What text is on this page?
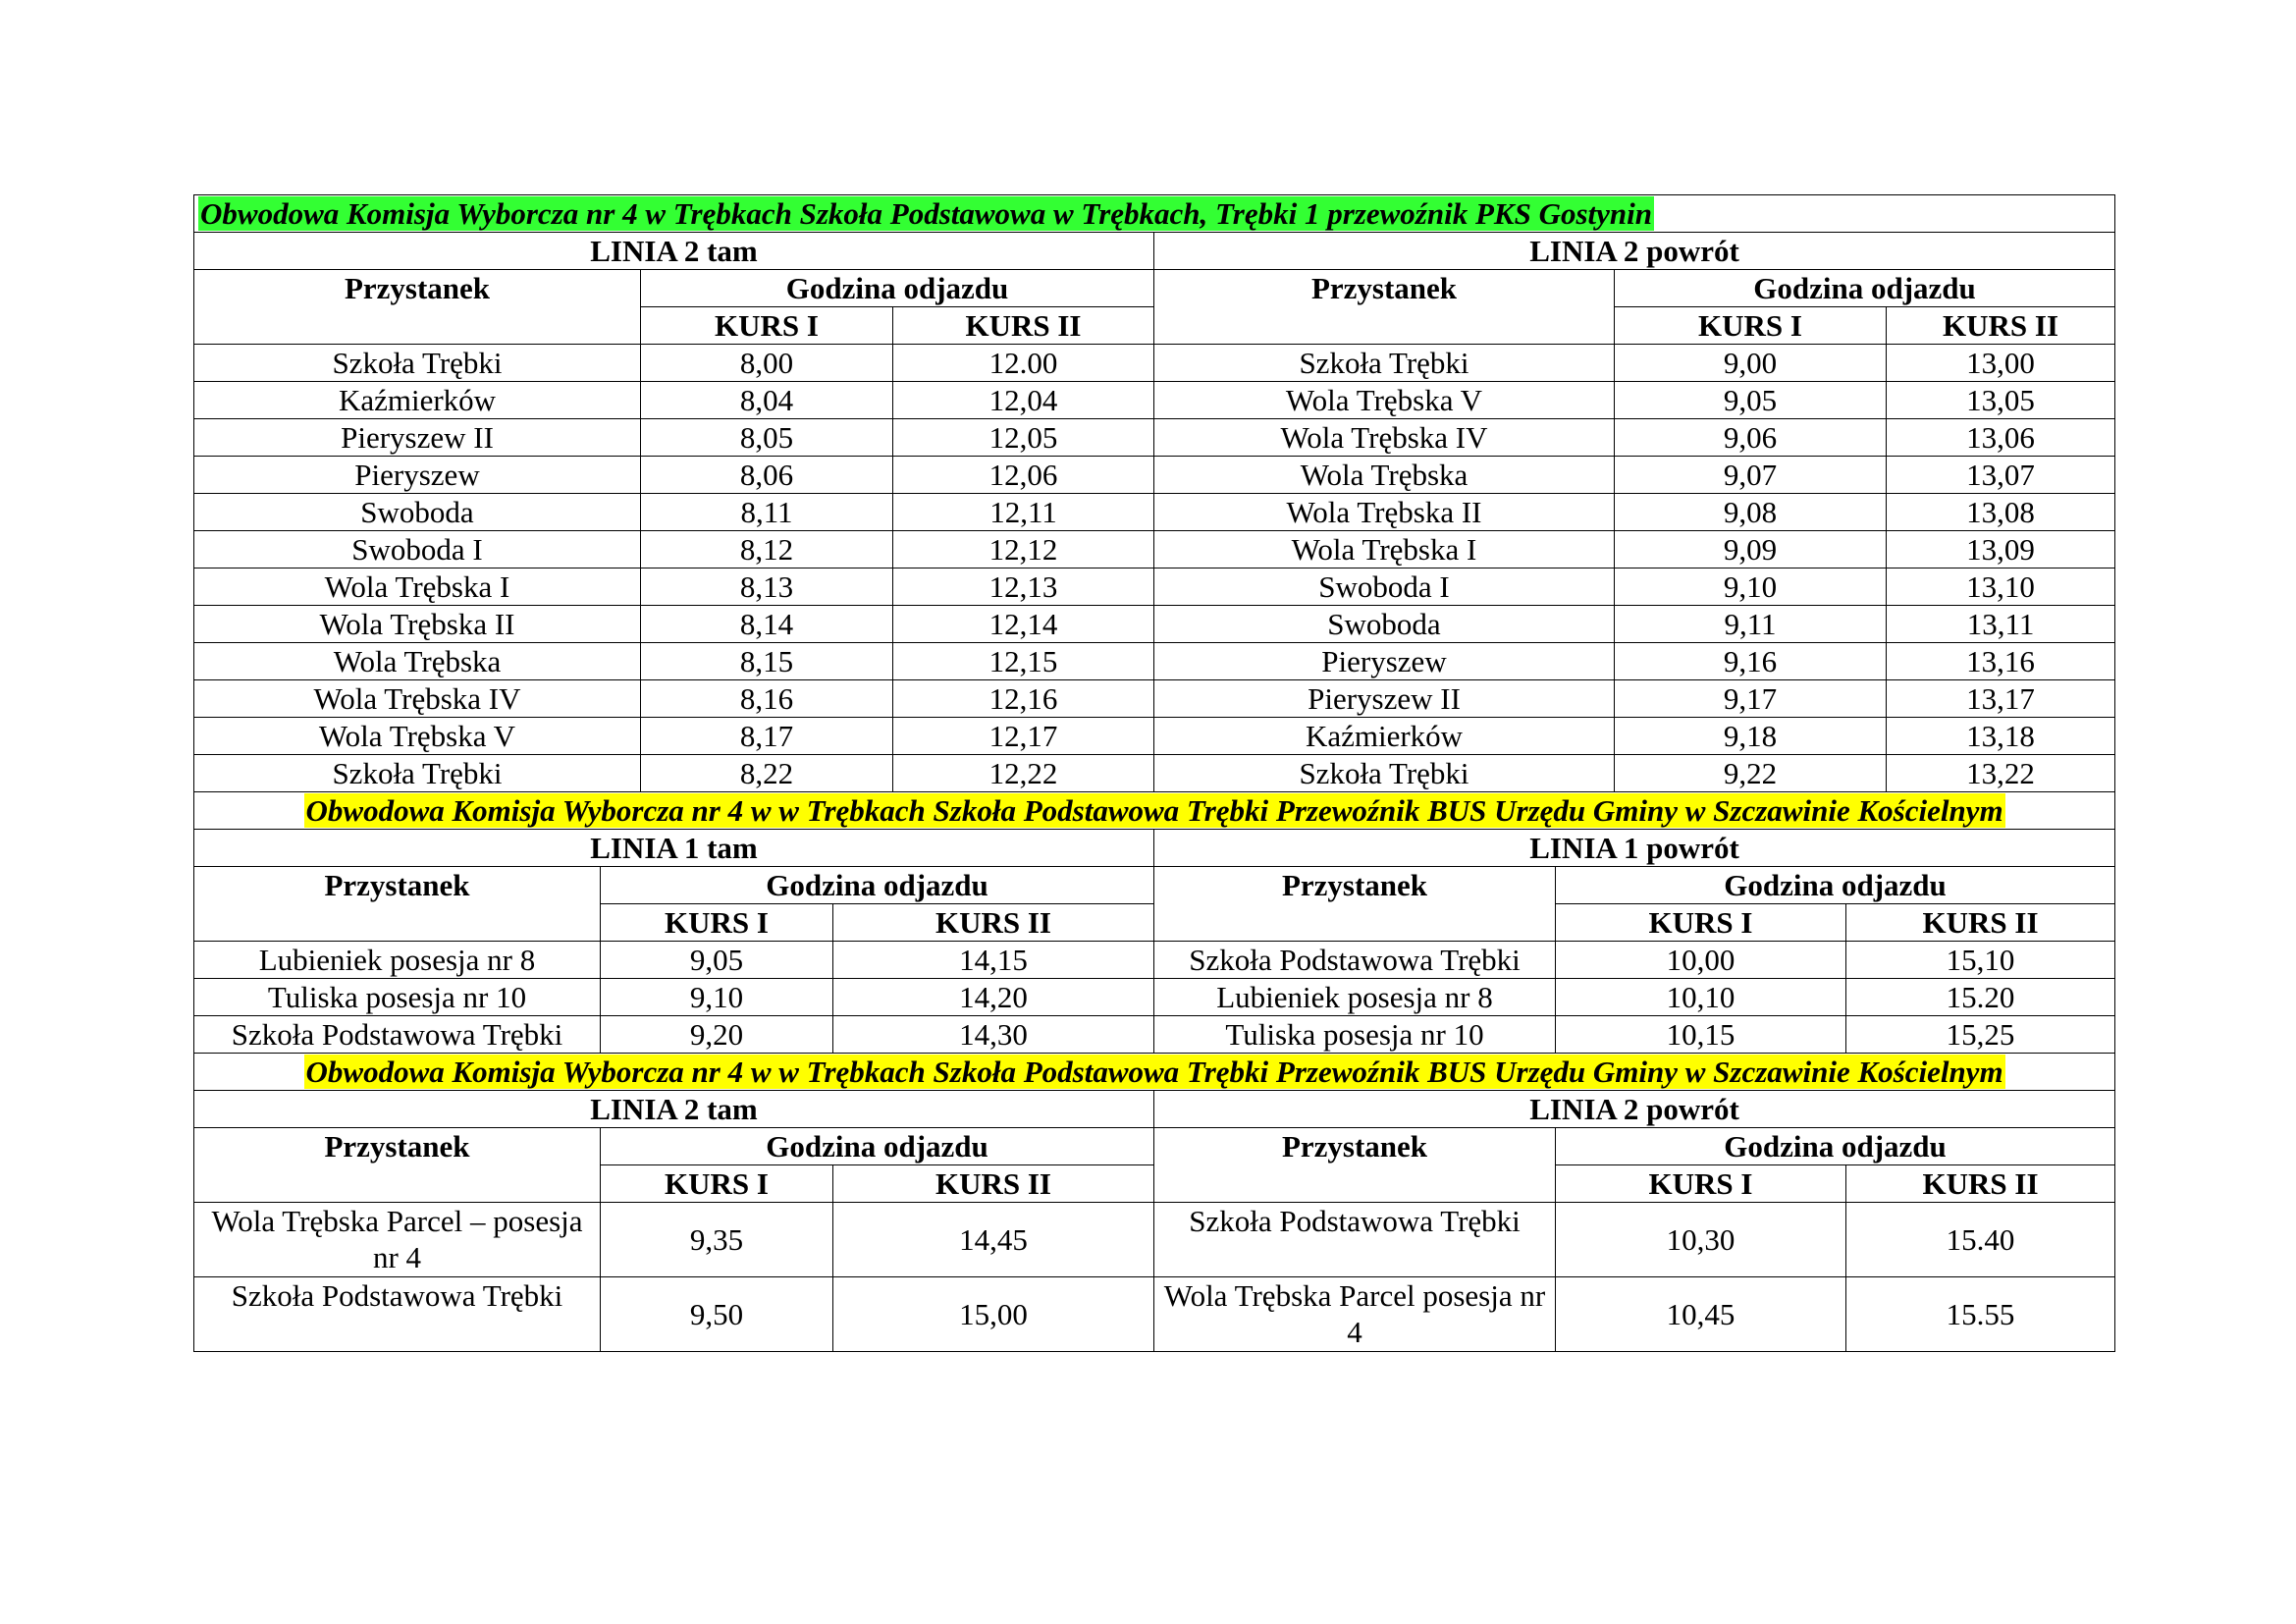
Obwodowa Komisja Wyborcza nr 4 w Trębkach Szkoła Podstawowa w Trębkach, Trębki 1 przewoźnik PKS Gostynin					
LINIA 2 tam			LINIA 2 powrót		
Przystanek	Godzina odjazdu		Przystanek	Godzina odjazdu	
	KURS I	KURS II		KURS I	KURS II
Szkoła Trębki	8,00	12.00	Szkoła Trębki	9,00	13,00
Kaźmierków	8,04	12,04	Wola Trębska V	9,05	13,05
Pieryszew II	8,05	12,05	Wola Trębska IV	9,06	13,06
Pieryszew	8,06	12,06	Wola Trębska	9,07	13,07
Swoboda	8,11	12,11	Wola Trębska II	9,08	13,08
Swoboda I	8,12	12,12	Wola Trębska I	9,09	13,09
Wola Trębska I	8,13	12,13	Swoboda I	9,10	13,10
Wola Trębska II	8,14	12,14	Swoboda	9,11	13,11
Wola Trębska	8,15	12,15	Pieryszew	9,16	13,16
Wola Trębska IV	8,16	12,16	Pieryszew II	9,17	13,17
Wola Trębska V	8,17	12,17	Kaźmierków	9,18	13,18
Szkoła Trębki	8,22	12,22	Szkoła Trębki	9,22	13,22
Obwodowa Komisja Wyborcza nr 4 w w Trębkach Szkoła Podstawowa Trębki Przewoźnik BUS Urzędu Gminy w Szczawinie Kościelnym					
LINIA 1 tam			LINIA 1 powrót		
Przystanek	Godzina odjazdu		Przystanek	Godzina odjazdu	
	KURS I	KURS II		KURS I	KURS II
Lubieniek posesja nr 8	9,05	14,15	Szkoła Podstawowa Trębki	10,00	15,10
Tuliska posesja nr 10	9,10	14,20	Lubieniek posesja nr 8	10,10	15.20
Szkoła Podstawowa Trębki	9,20	14,30	Tuliska posesja nr 10	10,15	15,25
Obwodowa Komisja Wyborcza nr 4 w w Trębkach Szkoła Podstawowa Trębki Przewoźnik BUS Urzędu Gminy w Szczawinie Kościelnym					
LINIA 2 tam			LINIA 2 powrót		
Przystanek	Godzina odjazdu		Przystanek	Godzina odjazdu	
	KURS I	KURS II		KURS I	KURS II
Wola Trębska Parcel – posesja nr 4	9,35	14,45	Szkoła Podstawowa Trębki	10,30	15.40
Szkoła Podstawowa Trębki	9,50	15,00	Wola Trębska Parcel posesja nr 4	10,45	15.55
